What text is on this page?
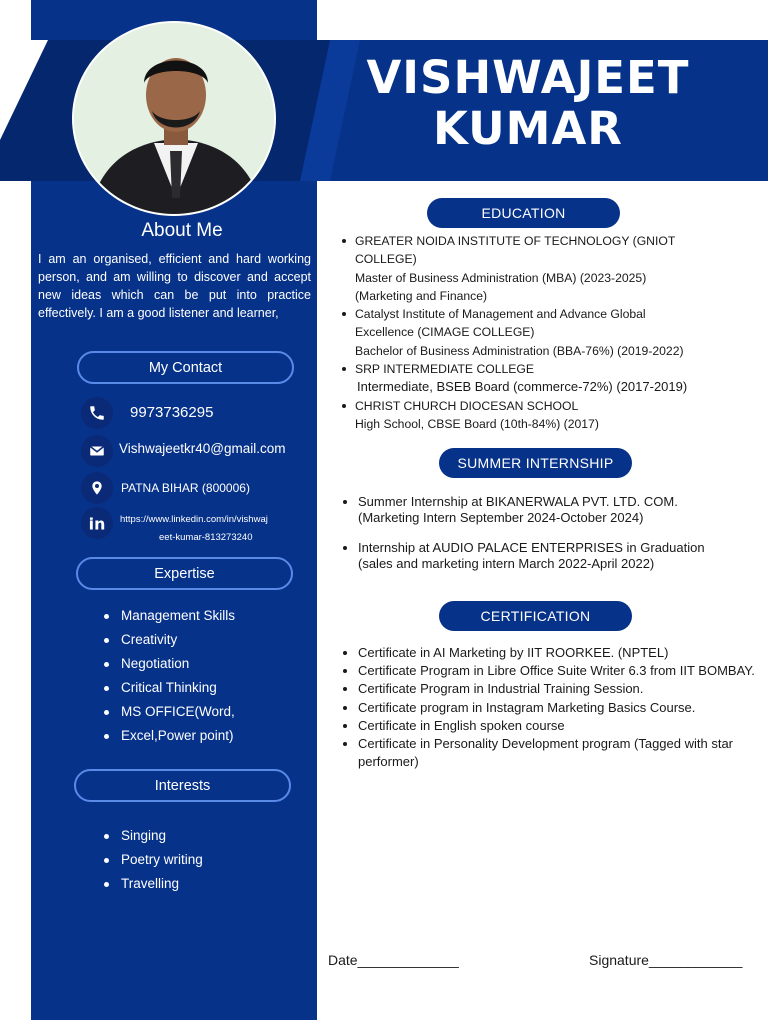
VISHWAJEET
KUMAR
About Me
I am an organised, efficient and hard working person, and am willing to discover and accept new ideas which can be put into practice effectively. I am a good listener and learner,
My Contact
9973736295
Vishwajeetkr40@gmail.com
PATNA BIHAR (800006)
in https://www.linkedin.com/in/vishwaj
eet-kumar-813273240
Expertise
Management Skills
Creativity
Negotiation
Critical Thinking
MS OFFICE(Word,
Excel,Power point)
Interests
Singing
Poetry writing
Travelling
EDUCATION
GREATER NOIDA INSTITUTE OF TECHNOLOGY (GNIOT
COLLEGE)
Master of Business Administration (MBA) (2023-2025)
(Marketing and Finance)
Catalyst Institute of Management and Advance Global
Excellence (CIMAGE COLLEGE)
Bachelor of Business Administration (BBA-76%) (2019-2022)
SRP INTERMEDIATE COLLEGE
Intermediate, BSEB Board (commerce-72%) (2017-2019)
CHRIST CHURCH DIOCESAN SCHOOL
High School, CBSE Board (10th-84%) (2017)
SUMMER INTERNSHIP
Summer Internship at BIKANERWALA PVT. LTD. COM.
(Marketing Intern September 2024-October 2024)
Internship at AUDIO PALACE ENTERPRISES in Graduation
(sales and marketing intern March 2022-April 2022)
CERTIFICATION
Certificate in AI Marketing by IIT ROORKEE. (NPTEL)
Certificate Program in Libre Office Suite Writer 6.3 from IIT BOMBAY.
Certificate Program in Industrial Training Session.
Certificate program in Instagram Marketing Basics Course.
Certificate in English spoken course
Certificate in Personality Development program (Tagged with star performer)
Date_____________	Signature____________
